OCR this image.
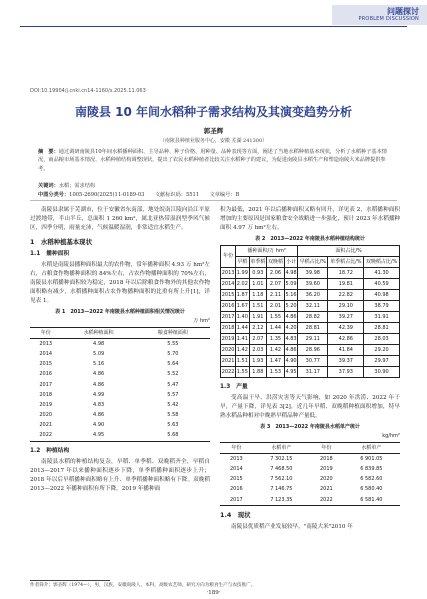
问题探讨
PROBLEM DISCUSSION
DOI:10.19904/j.cnki.cn14-1160/s.2025.11.063
南陵县 10 年间水稻种子需求结构及其演变趋势分析
郭圣辉
（南陵县种植业服务中心，安徽 芜湖 241300）
摘　要：通过调研南陵县10年间水稻播种面积、主导品种、种子价格、用种量、品种表现等方面，阐述了当地水稻种植基本现状，分析了水稻种子基本情况，商品粮市场基本情况、水稻种植结构调整现状，提出了农民水稻种植者比较关注水稻种子的建议，为促进南陵县水稻生产和塑造南陵大米品牌提供参考。
关键词：水稻；需求结构
中图分类号：1005-2690(2025)11-0189-03　　文献标识码：5511　　文章编号：B

南陵县隶属于芜湖市，位于安徽省东南部，地处皖南江陵向沿江平原过渡地带，半山半丘，总面积 1 260 km²，属北亚热带湿润型季风气候区，四季分明，雨量充沛，气候温暖湿润，非常适宜水稻生产。

1　水稻种植基本现状
1.1　播种面积

水稻是南陵县播种面积最大的农作物，常年播种面积 4.93 万 hm²左右，占粮食作物播种面积的 84%左右，占农作物播种面积的 70%左右，南陵县水稻播种面积较为稳定，2018 年以后除粮食作物外的其他农作物面积略有减少，水稻播种面积占农作物播种面积的比重有所上升[1]，详见表 1。

表 1　2013—2022 年南陵县水稻种植面积相关情况统计
万 hm²
年份	水稻种植面积	粮食种植面积
2013	4.98	5.55
2014	5.09	5.70
2015	5.16	5.64
2016	4.86	5.52
2017	4.86	5.47
2018	4.99	5.57
2019	4.83	5.42
2020	4.86	5.58
2021	4.90	5.63
2022	4.95	5.68
1.2　种植结构

南陵县水稻的种植结构复杂，早稻、单季稻、双晚稻齐全，早稻自 2013—2017 年以来播种面积逐步下降，单季稻播种面积逐步上升；2018 年以后早稻播种面积略有上升、单季稻播种面积略有下降。双晚稻 2013—2022 年播种面积有所下降，2019 年播种面

积为最低，2021 年以后播种面积又略有回升，详见表 2，水稻播种面积增加的主要原因是国家粮食安全战略进一步强化，预计 2023 年水稻播种面积 4.97 万 hm²左右。

表 2　2013—2022 年南陵县水稻种植结构统计
年份	播种面积/万 hm²				面积占比/%		
	早稻	单季稻	双晚稻	小计	早稻占比/%	单季稻占比/%	双晚稻占比/%
2013	1.99	0.93	2.06	4.98	39.98	18.72	41.30
2014	2.02	1.01	2.07	5.09	39.60	19.81	40.59
2015	1.87	1.18	2.11	5.16	36.20	22.82	40.98
2016	1.67	1.51	2.01	5.20	32.11	29.10	38.79
2017	1.40	1.91	1.55	4.86	28.82	39.27	31.91
2018	1.44	2.12	1.44	4.20	28.81	42.39	28.81
2019	1.41	2.07	1.35	4.83	29.11	42.86	28.03
2020	1.42	2.03	1.42	4.86	28.96	41.84	29.20
2021	1.51	1.93	1.47	4.90	30.77	39.37	29.97
2022	1.55	1.88	1.53	4.95	31.17	37.93	30.90
1.3　产量

受高温干旱、洪涝灾害等天气影响，如 2020 年洪涝、2022 年干旱，产量下降，详见表 3[2]。近几年早稻、双晚稻种植面积增加，特早熟水稻品种相对中晚熟早稻品种产量低。

表 3　2013—2022 年南陵县水稻单产统计
kg/hm²
年份	水稻单产	年份	水稻单产
2013	7 302.15	2018	6 901.05
2014	7 468.50	2019	6 839.85
2015	7 562.10	2020	6 582.60
2016	7 146.75	2021	6 580.40
2017	7 123.35	2022	6 581.40
1.4　现状

南陵县优质稻产业发展较早，"南陵大米"2010 年

作者简介：郭圣辉（1974—），男，汉族，安徽南陵人，本科，高级农艺师，研究方向为粮食生产与农技推广。
·189·
